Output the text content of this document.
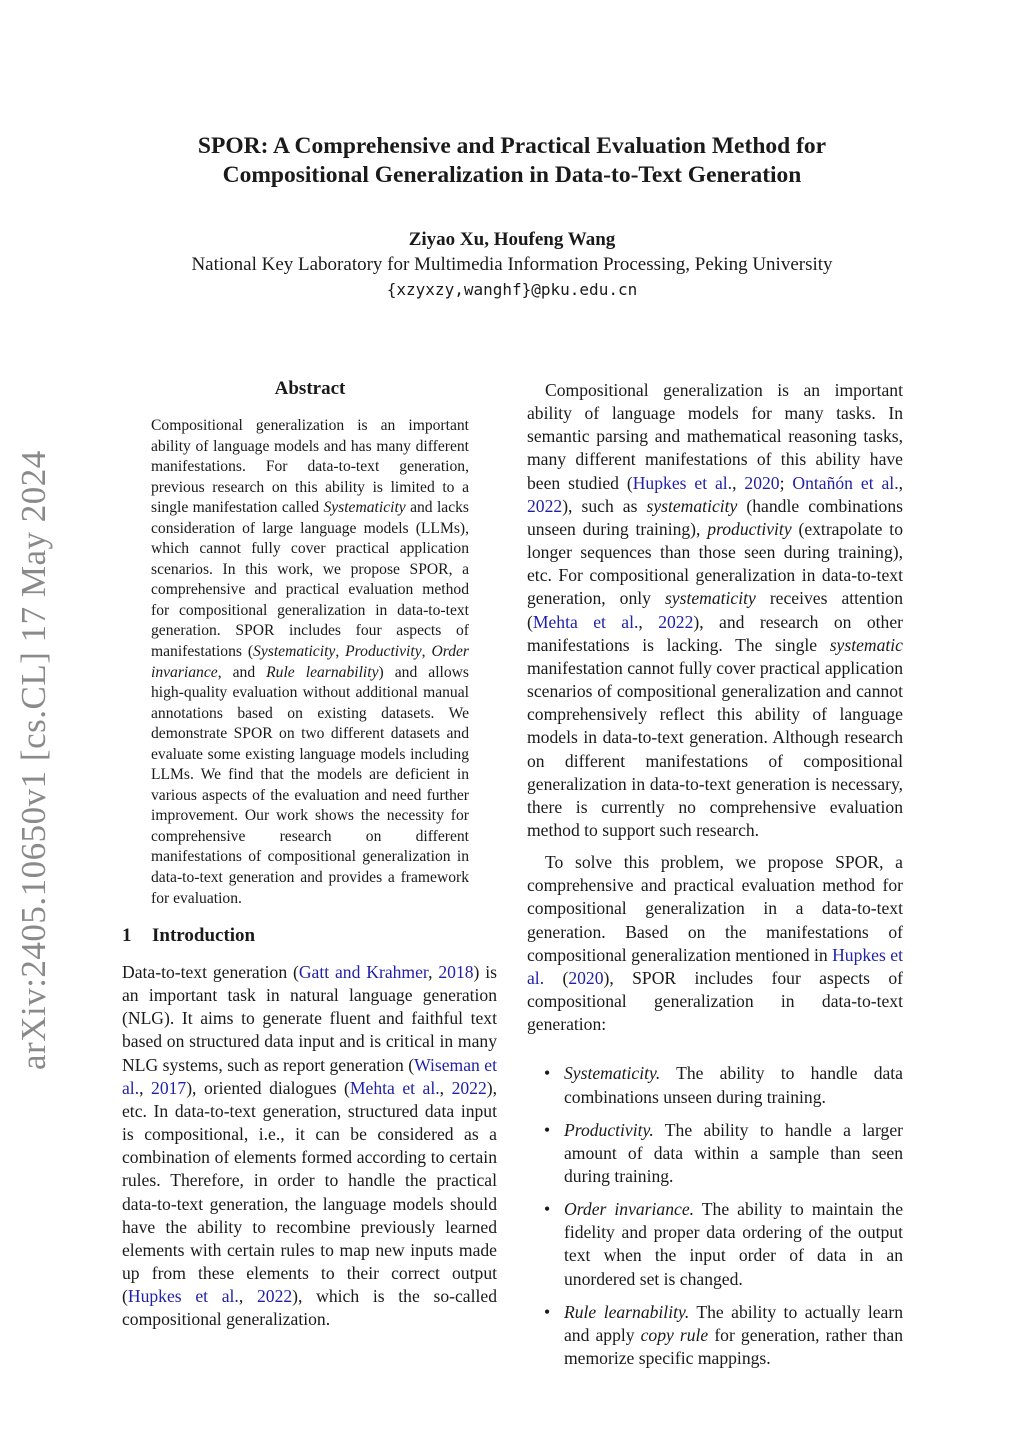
arXiv:2405.10650v1 [cs.CL] 17 May 2024
SPOR: A Comprehensive and Practical Evaluation Method for
Compositional Generalization in Data-to-Text Generation
Ziyao Xu, Houfeng Wang
National Key Laboratory for Multimedia Information Processing, Peking University
{xzyxzy,wanghf}@pku.edu.cn
Abstract

Compositional generalization is an important ability of language models and has many different manifestations. For data-to-text generation, previous research on this ability is limited to a single manifestation called Systematicity and lacks consideration of large language models (LLMs), which cannot fully cover practical application scenarios. In this work, we propose SPOR, a comprehensive and practical evaluation method for compositional generalization in data-to-text generation. SPOR includes four aspects of manifestations (Systematicity, Productivity, Order invariance, and Rule learnability) and allows high-quality evaluation without additional manual annotations based on existing datasets. We demonstrate SPOR on two different datasets and evaluate some existing language models including LLMs. We find that the models are deficient in various aspects of the evaluation and need further improvement. Our work shows the necessity for comprehensive research on different manifestations of compositional generalization in data-to-text generation and provides a framework for evaluation.

1 Introduction

Data-to-text generation (Gatt and Krahmer, 2018) is an important task in natural language generation (NLG). It aims to generate fluent and faithful text based on structured data input and is critical in many NLG systems, such as report generation (Wiseman et al., 2017), oriented dialogues (Mehta et al., 2022), etc. In data-to-text generation, structured data input is compositional, i.e., it can be considered as a combination of elements formed according to certain rules. Therefore, in order to handle the practical data-to-text generation, the language models should have the ability to recombine previously learned elements with certain rules to map new inputs made up from these elements to their correct output (Hupkes et al., 2022), which is the so-called compositional generalization.

Compositional generalization is an important ability of language models for many tasks. In semantic parsing and mathematical reasoning tasks, many different manifestations of this ability have been studied (Hupkes et al., 2020; Ontañón et al., 2022), such as systematicity (handle combinations unseen during training), productivity (extrapolate to longer sequences than those seen during training), etc. For compositional generalization in data-to-text generation, only systematicity receives attention (Mehta et al., 2022), and research on other manifestations is lacking. The single systematic manifestation cannot fully cover practical application scenarios of compositional generalization and cannot comprehensively reflect this ability of language models in data-to-text generation. Although research on different manifestations of compositional generalization in data-to-text generation is necessary, there is currently no comprehensive evaluation method to support such research.

To solve this problem, we propose SPOR, a comprehensive and practical evaluation method for compositional generalization in a data-to-text generation. Based on the manifestations of compositional generalization mentioned in Hupkes et al. (2020), SPOR includes four aspects of compositional generalization in data-to-text generation:

• Systematicity. The ability to handle data combinations unseen during training.
• Productivity. The ability to handle a larger amount of data within a sample than seen during training.
• Order invariance. The ability to maintain the fidelity and proper data ordering of the output text when the input order of data in an unordered set is changed.
• Rule learnability. The ability to actually learn and apply copy rule for generation, rather than memorize specific mappings.
